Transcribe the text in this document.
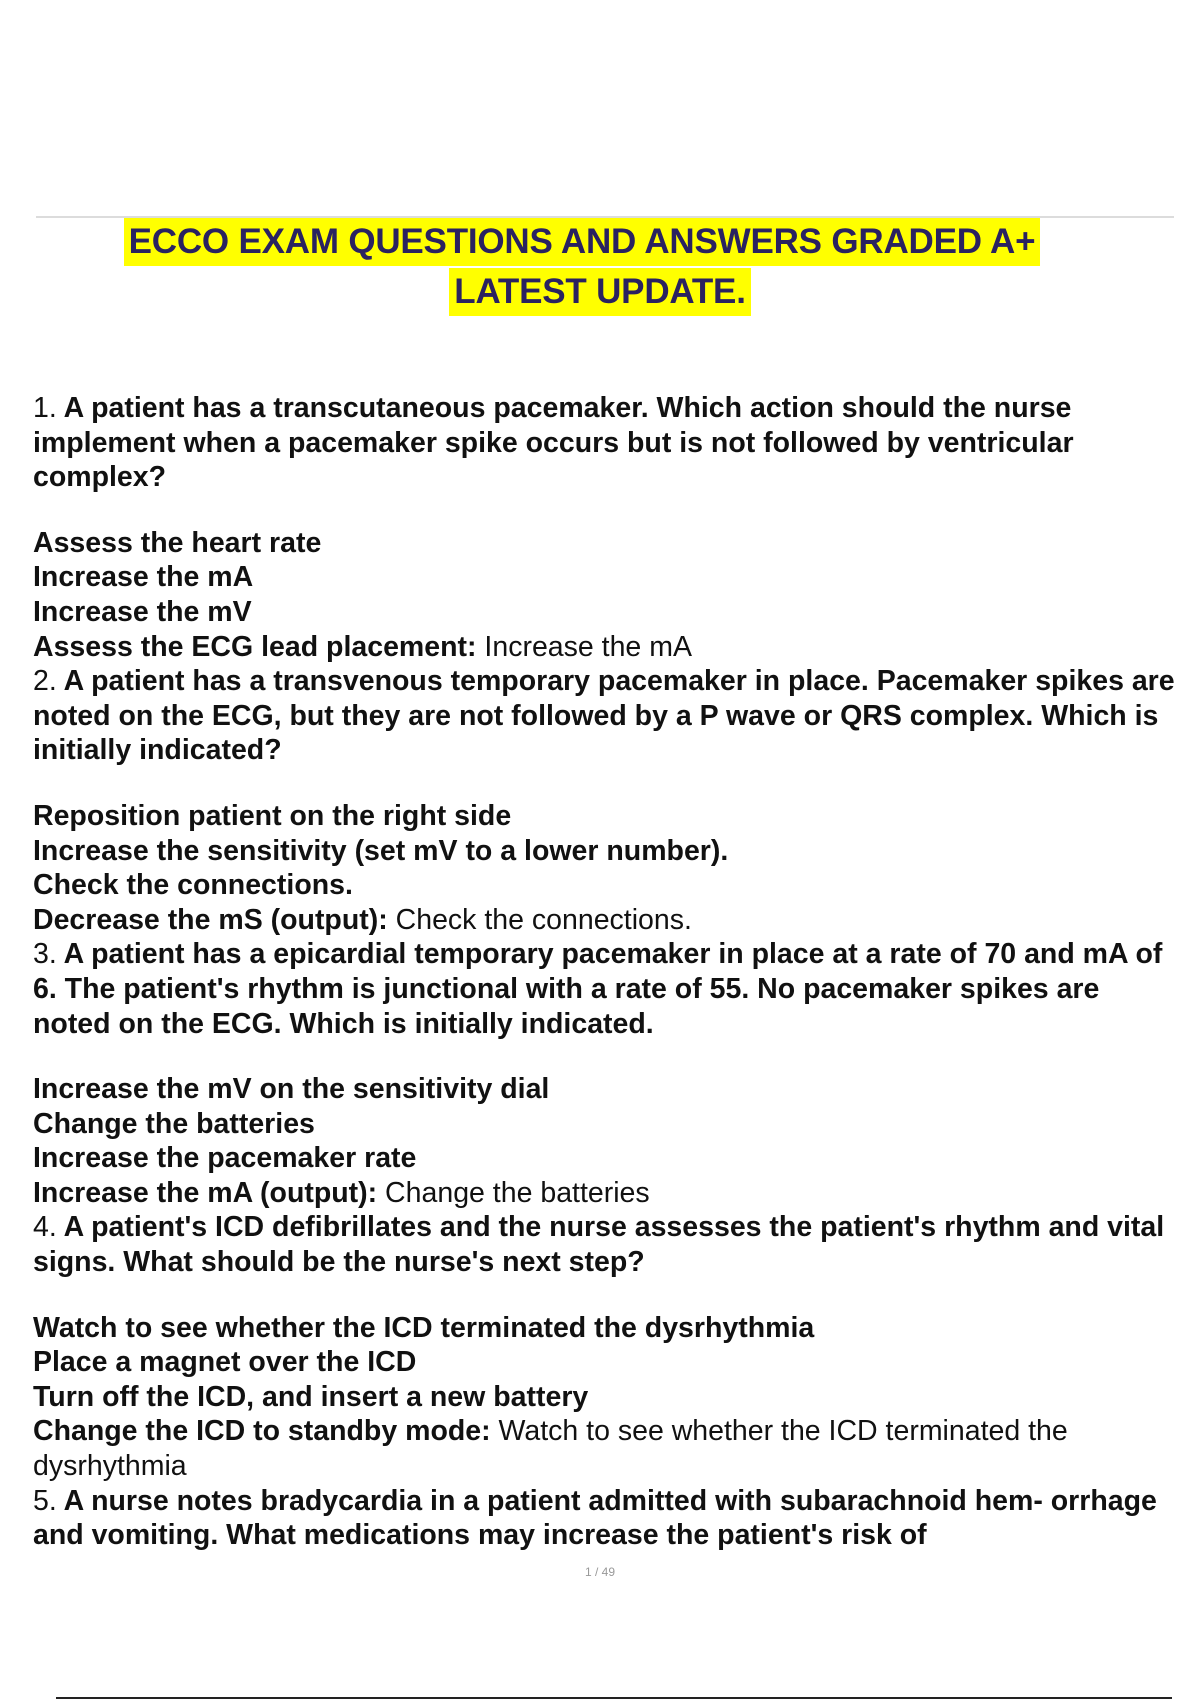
ECCO EXAM QUESTIONS AND ANSWERS GRADED A+
LATEST UPDATE.
1. A patient has a transcutaneous pacemaker. Which action should the nurse implement when a pacemaker spike occurs but is not followed by ventricular complex?
Assess the heart rate
Increase the mA
Increase the mV
Assess the ECG lead placement: Increase the mA
2. A patient has a transvenous temporary pacemaker in place. Pacemaker spikes are noted on the ECG, but they are not followed by a P wave or QRS complex. Which is initially indicated?
Reposition patient on the right side
Increase the sensitivity (set mV to a lower number).
Check the connections.
Decrease the mS (output): Check the connections.
3. A patient has a epicardial temporary pacemaker in place at a rate of 70 and mA of 6. The patient's rhythm is junctional with a rate of 55. No pacemaker spikes are noted on the ECG. Which is initially indicated.
Increase the mV on the sensitivity dial
Change the batteries
Increase the pacemaker rate
Increase the mA (output): Change the batteries
4. A patient's ICD defibrillates and the nurse assesses the patient's rhythm and vital signs. What should be the nurse's next step?
Watch to see whether the ICD terminated the dysrhythmia
Place a magnet over the ICD
Turn off the ICD, and insert a new battery
Change the ICD to standby mode: Watch to see whether the ICD terminated the dysrhythmia
5. A nurse notes bradycardia in a patient admitted with subarachnoid hem- orrhage and vomiting. What medications may increase the patient's risk of
1 / 49
